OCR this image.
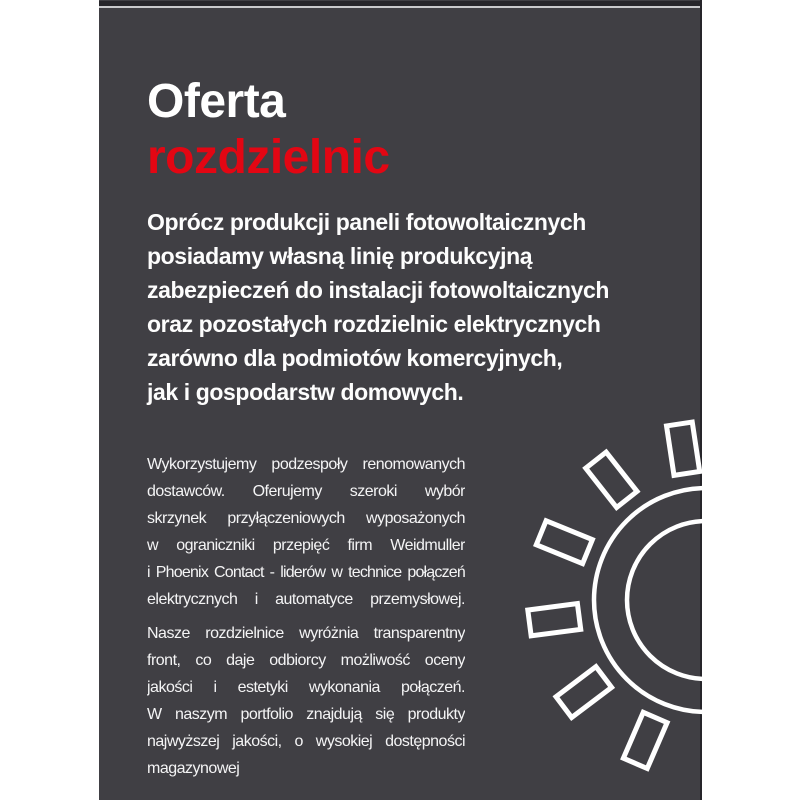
Oferta
rozdzielnic
Oprócz produkcji paneli fotowoltaicznych
posiadamy własną linię produkcyjną
zabezpieczeń do instalacji fotowoltaicznych
oraz pozostałych rozdzielnic elektrycznych
zarówno dla podmiotów komercyjnych,
jak i gospodarstw domowych.
Wykorzystujemy podzespoły renomowanych
dostawców. Oferujemy szeroki wybór
skrzynek przyłączeniowych wyposażonych
w ograniczniki przepięć firm Weidmuller
i Phoenix Contact - liderów w technice połączeń
elektrycznych i automatyce przemysłowej.
Nasze rozdzielnice wyróżnia transparentny
front, co daje odbiorcy możliwość oceny
jakości i estetyki wykonania połączeń.
W naszym portfolio znajdują się produkty
najwyższej jakości, o wysokiej dostępności
magazynowej
